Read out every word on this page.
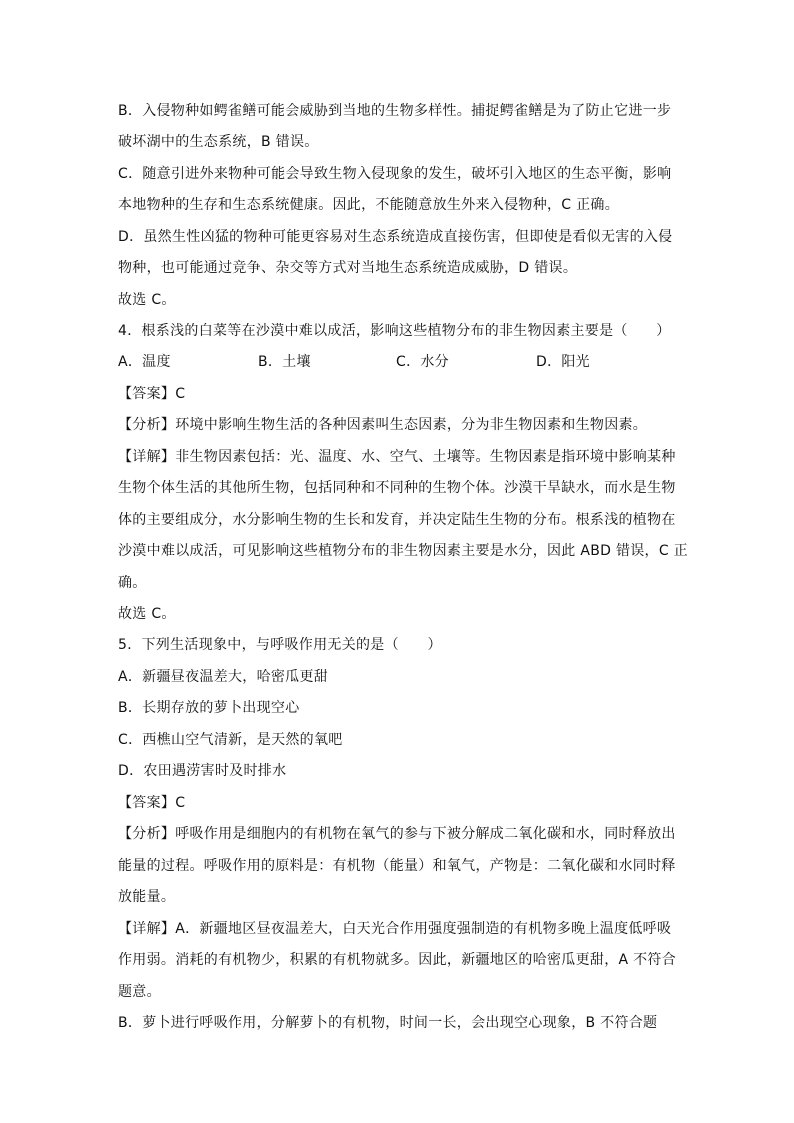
B．入侵物种如鳄雀鳝可能会威胁到当地的生物多样性。捕捉鳄雀鳝是为了防止它进一步
破坏湖中的生态系统，B 错误。
C．随意引进外来物种可能会导致生物入侵现象的发生，破坏引入地区的生态平衡，影响
本地物种的生存和生态系统健康。因此，不能随意放生外来入侵物种，C 正确。
D．虽然生性凶猛的物种可能更容易对生态系统造成直接伤害，但即使是看似无害的入侵
物种，也可能通过竞争、杂交等方式对当地生态系统造成威胁，D 错误。
故选 C。
4．根系浅的白菜等在沙漠中难以成活，影响这些植物分布的非生物因素主要是（　　）
A．温度	B．土壤	C．水分	D．阳光
【答案】C
【分析】环境中影响生物生活的各种因素叫生态因素，分为非生物因素和生物因素。
【详解】非生物因素包括：光、温度、水、空气、土壤等。生物因素是指环境中影响某种
生物个体生活的其他所生物，包括同种和不同种的生物个体。沙漠干旱缺水，而水是生物
体的主要组成分，水分影响生物的生长和发育，并决定陆生生物的分布。根系浅的植物在
沙漠中难以成活，可见影响这些植物分布的非生物因素主要是水分，因此 ABD 错误，C 正
确。
故选 C。
5．下列生活现象中，与呼吸作用无关的是（　　）
A．新疆昼夜温差大，哈密瓜更甜
B．长期存放的萝卜出现空心
C．西樵山空气清新，是天然的氧吧
D．农田遇涝害时及时排水
【答案】C
【分析】呼吸作用是细胞内的有机物在氧气的参与下被分解成二氧化碳和水，同时释放出
能量的过程。呼吸作用的原料是：有机物（能量）和氧气，产物是：二氧化碳和水同时释
放能量。
【详解】A．新疆地区昼夜温差大，白天光合作用强度强制造的有机物多晚上温度低呼吸
作用弱。消耗的有机物少，积累的有机物就多。因此，新疆地区的哈密瓜更甜，A 不符合
题意。
B．萝卜进行呼吸作用，分解萝卜的有机物，时间一长，会出现空心现象，B 不符合题
